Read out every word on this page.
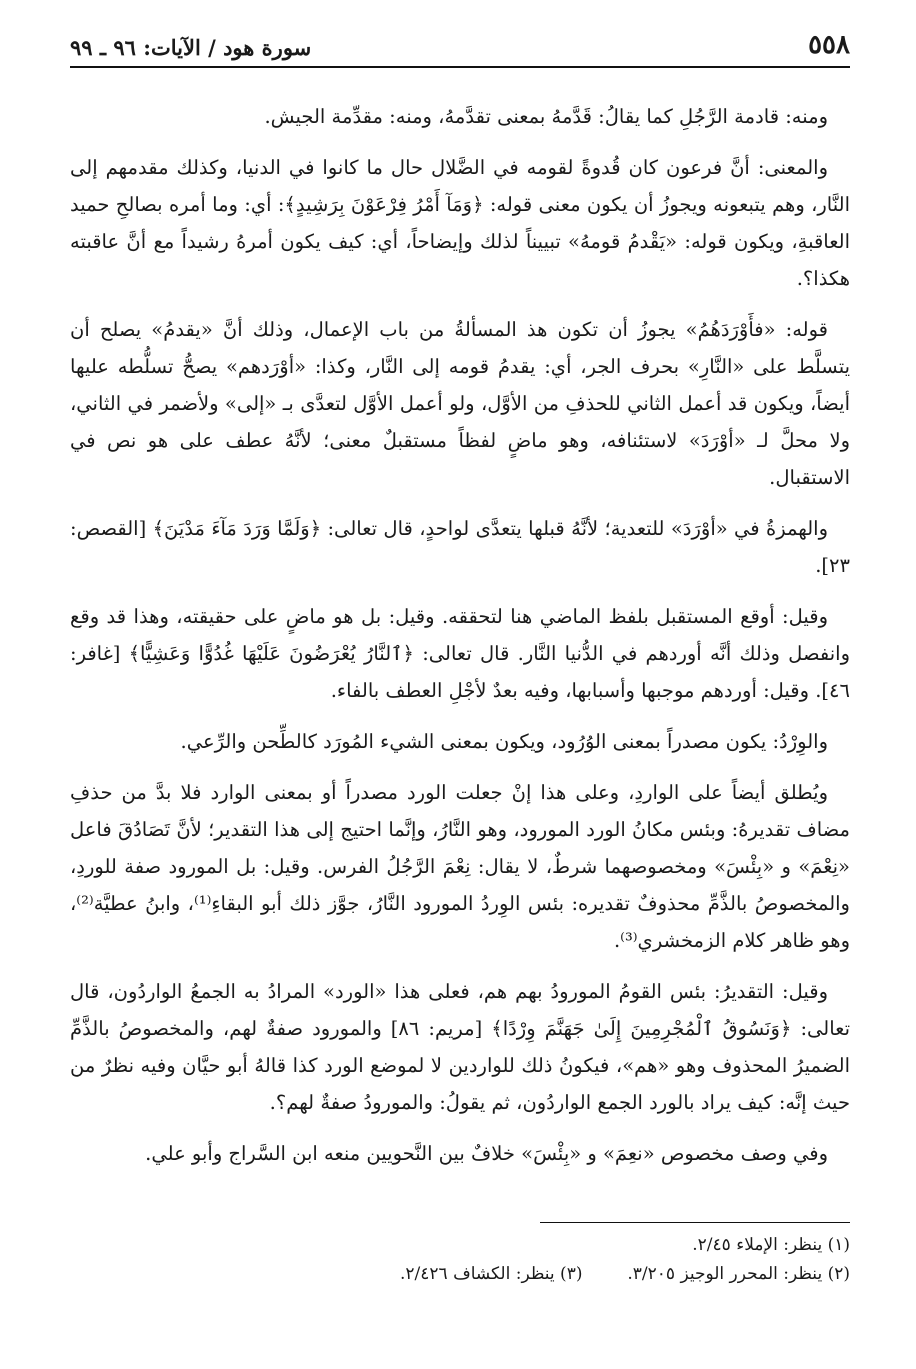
٥٥٨
سورة هود / الآيات: ٩٦ ـ ٩٩

ومنه: قادمة الرَّجُلِ كما يقالُ: قَدَّمهُ بمعنى تقدَّمهُ، ومنه: مقدِّمة الجيش.

والمعنى: أنَّ فرعون كان قُدوةً لقومه في الضَّلال حال ما كانوا في الدنيا، وكذلك مقدمهم إلى النَّار، وهم يتبعونه ويجوزُ أن يكون معنى قوله: ﴿وَمَآ أَمْرُ فِرْعَوْنَ بِرَشِيدٍ﴾: أي: وما أمره بصالحِ حميد العاقبةِ، ويكون قوله: «يَقْدمُ قومهُ» تبييناً لذلك وإيضاحاً، أي: كيف يكون أمرهُ رشيداً مع أنَّ عاقبته هكذا؟.

قوله: «فأَوْرَدَهُمُ» يجوزُ أن تكون هذ المسألةُ من باب الإعمال، وذلك أنَّ «يقدمُ» يصلح أن يتسلَّط على «النَّارِ» بحرف الجر، أي: يقدمُ قومه إلى النَّار، وكذا: «أوْرَدهم» يصحُّ تسلُّطه عليها أيضاً، ويكون قد أعمل الثاني للحذفِ من الأوَّل، ولو أعمل الأوَّل لتعدَّى بـ «إلى» ولأضمر في الثاني، ولا محلَّ لـ «أوْرَدَ» لاستئنافه، وهو ماضٍ لفظاً مستقبلٌ معنى؛ لأنَّهُ عطف على هو نص في الاستقبال.

والهمزةُ في «أوْرَدَ» للتعدية؛ لأنَّهُ قبلها يتعدَّى لواحدٍ، قال تعالى: ﴿وَلَمَّا وَرَدَ مَآءَ مَدْيَنَ﴾ [القصص: ٢٣].

وقيل: أوقع المستقبل بلفظ الماضي هنا لتحققه. وقيل: بل هو ماضٍ على حقيقته، وهذا قد وقع وانفصل وذلك أنَّه أوردهم في الدُّنيا النَّار. قال تعالى: ﴿ٱلنَّارُ يُعْرَضُونَ عَلَيْهَا غُدُوًّا وَعَشِيًّا﴾ [غافر: ٤٦]. وقيل: أوردهم موجبها وأسبابها، وفيه بعدٌ لأجْلِ العطف بالفاء.

والوِرْدُ: يكون مصدراً بمعنى الوُرُود، ويكون بمعنى الشيء المُورَد كالطِّحن والرِّعي.

ويُطلق أيضاً على الواردِ، وعلى هذا إنْ جعلت الورد مصدراً أو بمعنى الوارد فلا بدَّ من حذفِ مضاف تقديرهُ: وبئس مكانُ الورد المورود، وهو النَّارُ، وإنَّما احتيج إلى هذا التقدير؛ لأنَّ تَصَادُقَ فاعل «نِعْمَ» و «بِئْسَ» ومخصوصهما شرطٌ، لا يقال: نِعْمَ الرَّجُلُ الفرس. وقيل: بل المورود صفة للوردِ، والمخصوصُ بالذَّمِّ محذوفٌ تقديره: بئس الوِردُ المورود النَّارُ، جوَّز ذلك أبو البقاءِ⁽¹⁾، وابنُ عطيَّة⁽²⁾، وهو ظاهر كلام الزمخشري⁽³⁾.

وقيل: التقديرُ: بئس القومُ المورودُ بهم هم، فعلى هذا «الورد» المرادُ به الجمعُ الواردُون، قال تعالى: ﴿وَنَسُوقُ ٱلْمُجْرِمِينَ إِلَىٰ جَهَنَّمَ وِرْدًا﴾ [مريم: ٨٦] والمورود صفةٌ لهم، والمخصوصُ بالذَّمِّ الضميرُ المحذوف وهو «هم»، فيكونُ ذلك للواردين لا لموضع الورد كذا قالهُ أبو حيَّان وفيه نظرٌ من حيث إنَّه: كيف يراد بالورد الجمع الواردُون، ثم يقولُ: والمورودُ صفةٌ لهم؟.

وفي وصف مخصوص «نعِمَ» و «بِئْسَ» خلافٌ بين النَّحويين منعه ابن السَّراج وأبو علي.

(١) ينظر: الإملاء ٢/٤٥.
(٢) ينظر: المحرر الوجيز ٣/٢٠٥.
(٣) ينظر: الكشاف ٢/٤٢٦.
